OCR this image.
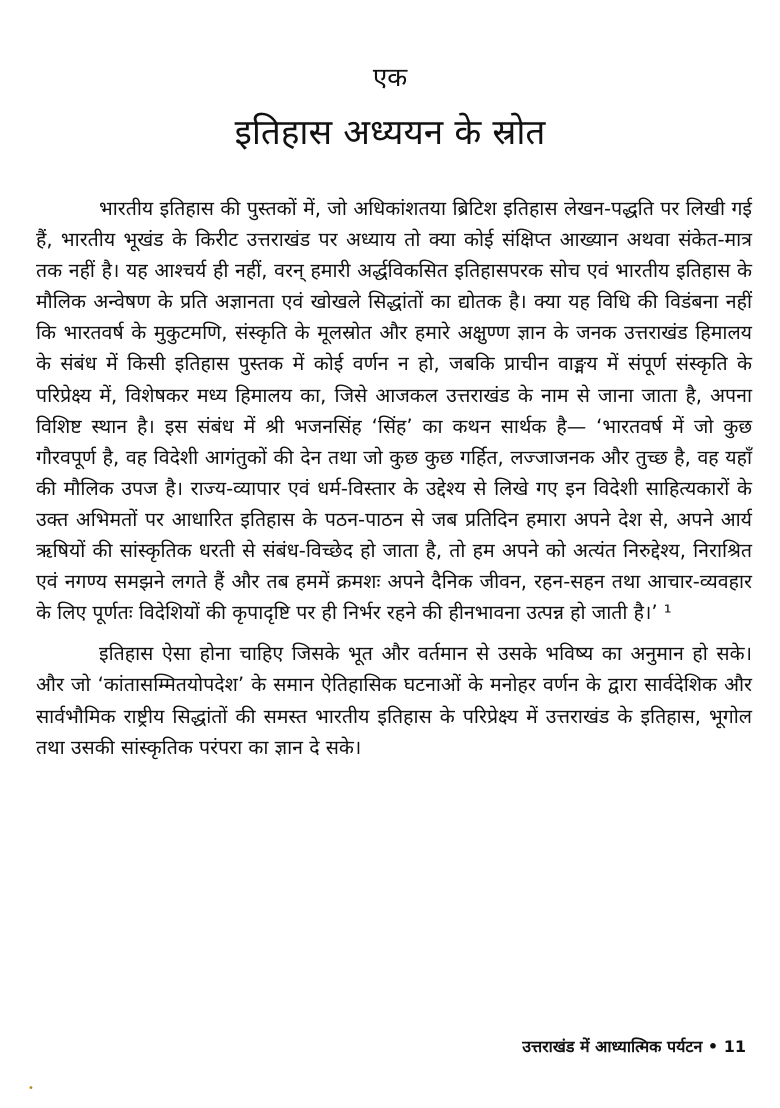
एक
इतिहास अध्ययन के स्रोत

भारतीय इतिहास की पुस्तकों में, जो अधिकांशतया ब्रिटिश इतिहास लेखन-पद्धति पर लिखी गई हैं, भारतीय भूखंड के किरीट उत्तराखंड पर अध्याय तो क्या कोई संक्षिप्त आख्यान अथवा संकेत-मात्र तक नहीं है। यह आश्चर्य ही नहीं, वरन् हमारी अर्द्धविकसित इतिहासपरक सोच एवं भारतीय इतिहास के मौलिक अन्वेषण के प्रति अज्ञानता एवं खोखले सिद्धांतों का द्योतक है। क्या यह विधि की विडंबना नहीं कि भारतवर्ष के मुकुटमणि, संस्कृति के मूलस्रोत और हमारे अक्षुण्ण ज्ञान के जनक उत्तराखंड हिमालय के संबंध में किसी इतिहास पुस्तक में कोई वर्णन न हो, जबकि प्राचीन वाङ्मय में संपूर्ण संस्कृति के परिप्रेक्ष्य में, विशेषकर मध्य हिमालय का, जिसे आजकल उत्तराखंड के नाम से जाना जाता है, अपना विशिष्ट स्थान है। इस संबंध में श्री भजनसिंह ‘सिंह’ का कथन सार्थक है— ‘भारतवर्ष में जो कुछ गौरवपूर्ण है, वह विदेशी आगंतुकों की देन तथा जो कुछ कुछ गर्हित, लज्जाजनक और तुच्छ है, वह यहाँ की मौलिक उपज है। राज्य-व्यापार एवं धर्म-विस्तार के उद्देश्य से लिखे गए इन विदेशी साहित्यकारों के उक्त अभिमतों पर आधारित इतिहास के पठन-पाठन से जब प्रतिदिन हमारा अपने देश से, अपने आर्य ऋषियों की सांस्कृतिक धरती से संबंध-विच्छेद हो जाता है, तो हम अपने को अत्यंत निरुद्देश्य, निराश्रित एवं नगण्य समझने लगते हैं और तब हममें क्रमशः अपने दैनिक जीवन, रहन-सहन तथा आचार-व्यवहार के लिए पूर्णतः विदेशियों की कृपादृष्टि पर ही निर्भर रहने की हीनभावना उत्पन्न हो जाती है।’ ¹

इतिहास ऐसा होना चाहिए जिसके भूत और वर्तमान से उसके भविष्य का अनुमान हो सके। और जो ‘कांतासम्मितयोपदेश’ के समान ऐतिहासिक घटनाओं के मनोहर वर्णन के द्वारा सार्वदेशिक और सार्वभौमिक राष्ट्रीय सिद्धांतों की समस्त भारतीय इतिहास के परिप्रेक्ष्य में उत्तराखंड के इतिहास, भूगोल तथा उसकी सांस्कृतिक परंपरा का ज्ञान दे सके।

उत्तराखंड में आध्यात्मिक पर्यटन • 11
•
